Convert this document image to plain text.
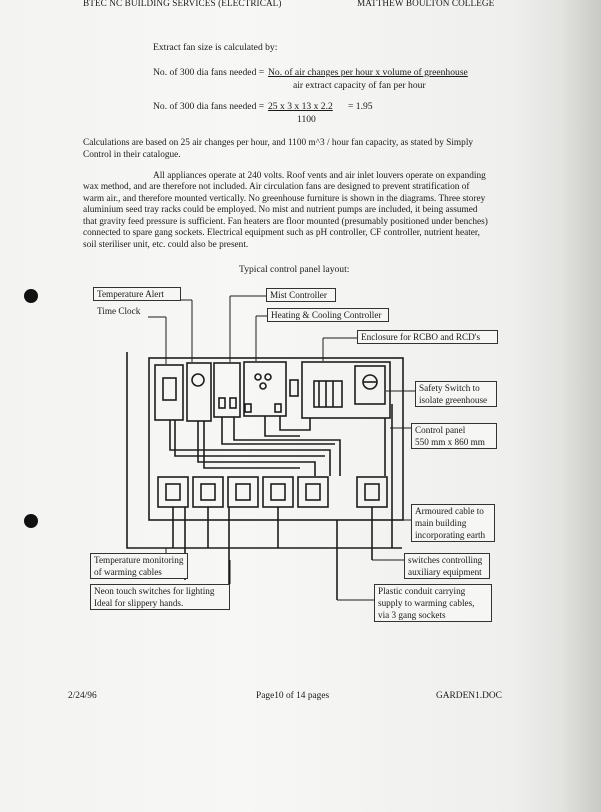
BTEC NC BUILDING SERVICES (ELECTRICAL)	MATTHEW BOULTON COLLEGE
Extract fan size is calculated by:
No. of 300 dia fans needed = No. of air changes per hour x volume of greenhouse
air extract capacity of fan per hour
No. of 300 dia fans needed = 25 x 3 x 13 x 2.2 = 1.95
1100
Calculations are based on 25 air changes per hour, and 1100 m^3 / hour fan capacity, as stated by Simply Control in their catalogue.
All appliances operate at 240 volts. Roof vents and air inlet louvers operate on expanding
wax method, and are therefore not included. Air circulation fans are designed to prevent stratification of
warm air., and therefore mounted vertically. No greenhouse furniture is shown in the diagrams. Three storey
aluminium seed tray racks could be employed. No mist and nutrient pumps are included, it being assumed
that gravity feed pressure is sufficient. Fan heaters are floor mounted (presumably positioned under benches)
connected to spare gang sockets. Electrical equipment such as pH controller, CF controller, nutrient heater,
soil steriliser unit, etc. could also be present.
Typical control panel layout:
Temperature Alert
Time Clock
Mist Controller
Heating & Cooling Controller
Enclosure for RCBO and RCD's
Safety Switch to
isolate greenhouse
Control panel
550 mm x 860 mm
Armoured cable to
main building
incorporating earth
Temperature monitoring
of warming cables
switches controlling
auxiliary equipment
Neon touch switches for lighting
Ideal for slippery hands.
Plastic conduit carrying
supply to warming cables,
via 3 gang sockets
2/24/96	Page10 of 14 pages	GARDEN1.DOC
